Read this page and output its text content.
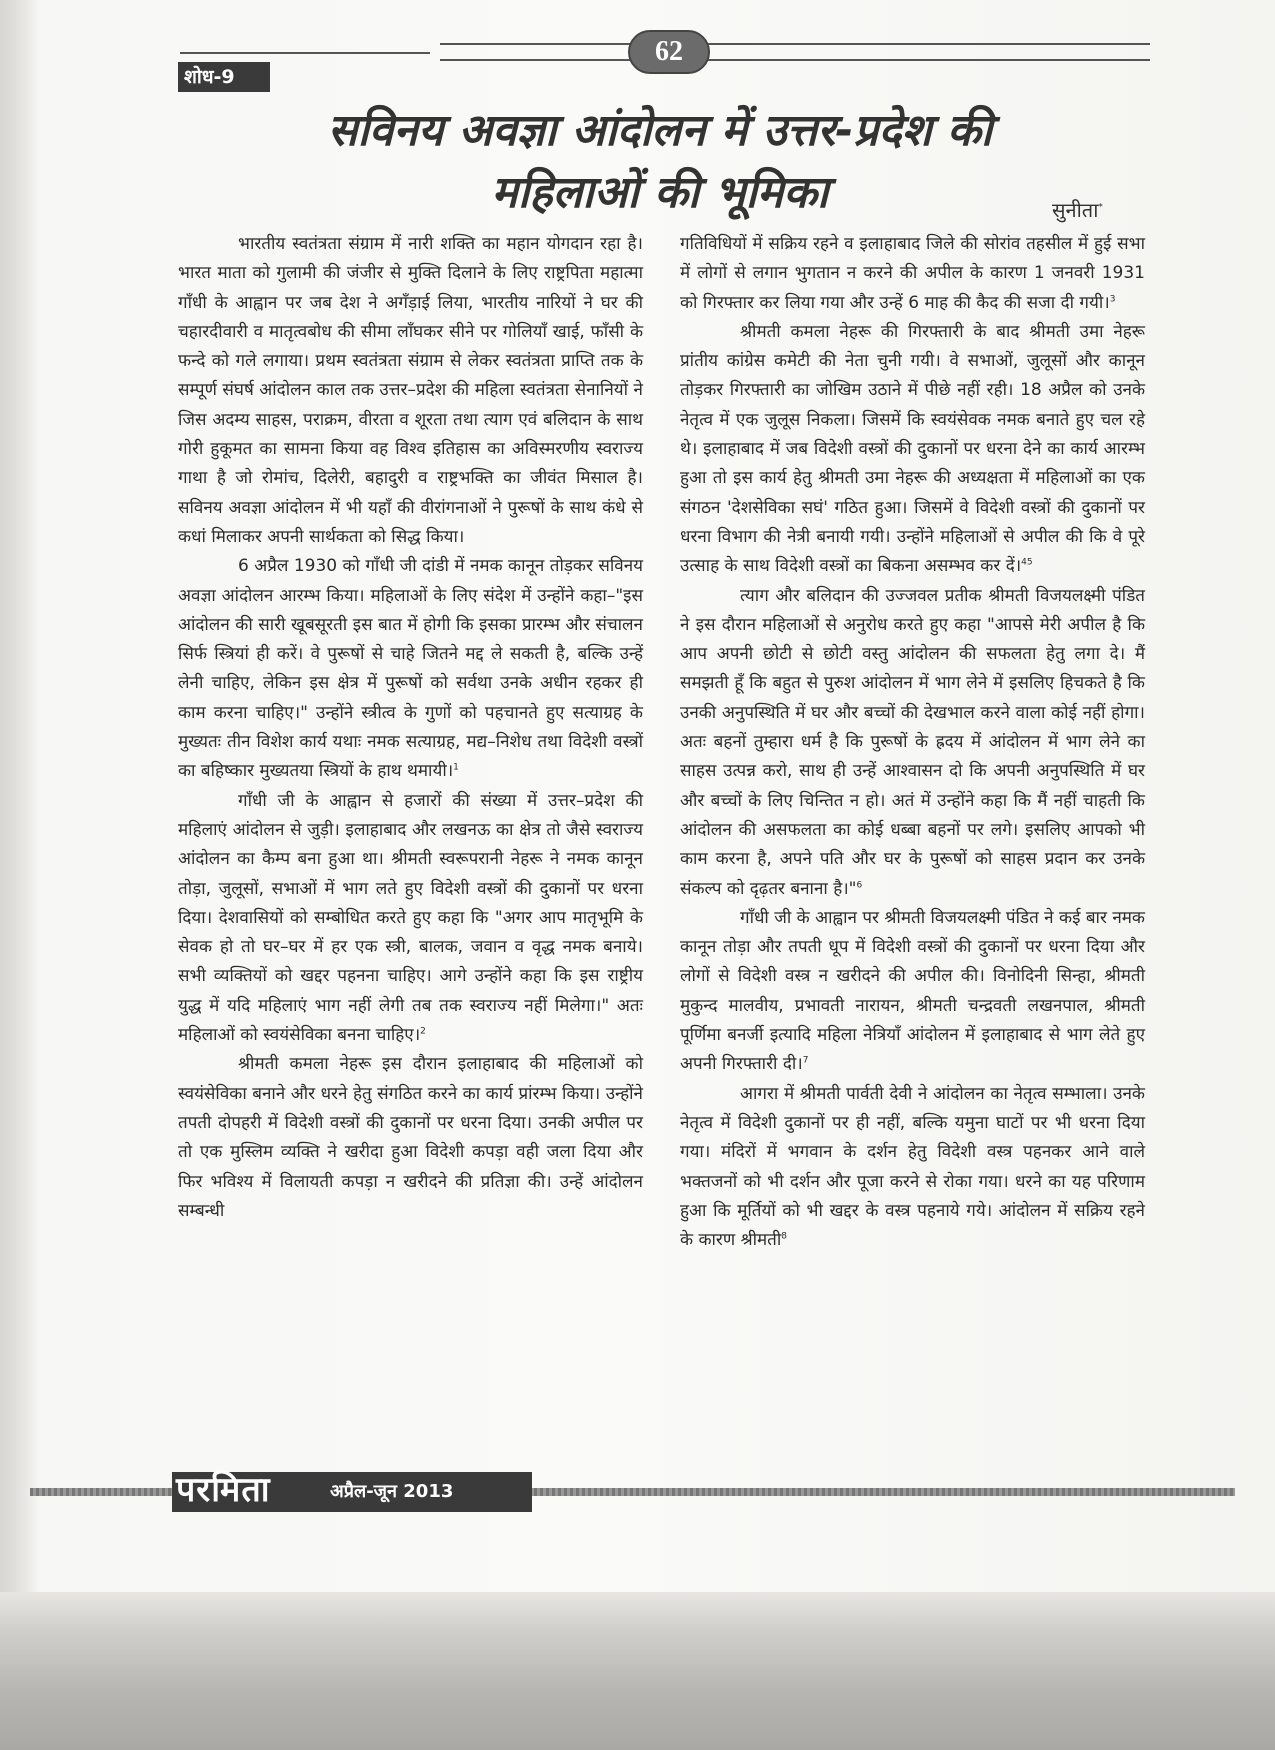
62
शोध-9
सविनय अवज्ञा आंदोलन में उत्तर-प्रदेश की
महिलाओं की भूमिका	सुनीता*

भारतीय स्वतंत्रता संग्राम में नारी शक्ति का महान योगदान रहा है। भारत माता को गुलामी की जंजीर से मुक्ति दिलाने के लिए राष्ट्रपिता महात्मा गाँधी के आह्वान पर जब देश ने अगँड़ाई लिया, भारतीय नारियों ने घर की चहारदीवारी व मातृत्वबोध की सीमा लाँघकर सीने पर गोलियाँ खाई, फाँसी के फन्दे को गले लगाया। प्रथम स्वतंत्रता संग्राम से लेकर स्वतंत्रता प्राप्ति तक के सम्पूर्ण संघर्ष आंदोलन काल तक उत्तर–प्रदेश की महिला स्वतंत्रता सेनानियों ने जिस अदम्य साहस, पराक्रम, वीरता व शूरता तथा त्याग एवं बलिदान के साथ गोरी हुकूमत का सामना किया वह विश्व इतिहास का अविस्मरणीय स्वराज्य गाथा है जो रोमांच, दिलेरी, बहादुरी व राष्ट्रभक्ति का जीवंत मिसाल है। सविनय अवज्ञा आंदोलन में भी यहाँ की वीरांगनाओं ने पुरूषों के साथ कंधे से कधां मिलाकर अपनी सार्थकता को सिद्ध किया।

6 अप्रैल 1930 को गाँधी जी दांडी में नमक कानून तोड़कर सविनय अवज्ञा आंदोलन आरम्भ किया। महिलाओं के लिए संदेश में उन्होंने कहा–"इस आंदोलन की सारी खूबसूरती इस बात में होगी कि इसका प्रारम्भ और संचालन सिर्फ स्त्रियां ही करें। वे पुरूषों से चाहे जितने मद्द ले सकती है, बल्कि उन्हें लेनी चाहिए, लेकिन इस क्षेत्र में पुरूषों को सर्वथा उनके अधीन रहकर ही काम करना चाहिए।" उन्होंने स्त्रीत्व के गुणों को पहचानते हुए सत्याग्रह के मुख्यतः तीन विशेश कार्य यथाः नमक सत्याग्रह, मद्य–निशेध तथा विदेशी वस्त्रों का बहिष्कार मुख्यतया स्त्रियों के हाथ थमायी।$^1$

गाँधी जी के आह्वान से हजारों की संख्या में उत्तर–प्रदेश की महिलाएं आंदोलन से जुड़ी। इलाहाबाद और लखनऊ का क्षेत्र तो जैसे स्वराज्य आंदोलन का कैम्प बना हुआ था। श्रीमती स्वरूपरानी नेहरू ने नमक कानून तोड़ा, जुलूसों, सभाओं में भाग लते हुए विदेशी वस्त्रों की दुकानों पर धरना दिया। देशवासियों को सम्बोधित करते हुए कहा कि "अगर आप मातृभूमि के सेवक हो तो घर–घर में हर एक स्त्री, बालक, जवान व वृद्ध नमक बनाये। सभी व्यक्तियों को खद्दर पहनना चाहिए। आगे उन्होंने कहा कि इस राष्ट्रीय युद्ध में यदि महिलाएं भाग नहीं लेगी तब तक स्वराज्य नहीं मिलेगा।" अतः महिलाओं को स्वयंसेविका बनना चाहिए।$^2$

श्रीमती कमला नेहरू इस दौरान इलाहाबाद की महिलाओं को स्वयंसेविका बनाने और धरने हेतु संगठित करने का कार्य प्रांरम्भ किया। उन्होंने तपती दोपहरी में विदेशी वस्त्रों की दुकानों पर धरना दिया। उनकी अपील पर तो एक मुस्लिम व्यक्ति ने खरीदा हुआ विदेशी कपड़ा वही जला दिया और फिर भविश्य में विलायती कपड़ा न खरीदने की प्रतिज्ञा की। उन्हें आंदोलन सम्बन्धी

गतिविधियों में सक्रिय रहने व इलाहाबाद जिले की सोरांव तहसील में हुई सभा में लोगों से लगान भुगतान न करने की अपील के कारण 1 जनवरी 1931 को गिरफ्तार कर लिया गया और उन्हें 6 माह की कैद की सजा दी गयी।$^3$

श्रीमती कमला नेहरू की गिरफ्तारी के बाद श्रीमती उमा नेहरू प्रांतीय कांग्रेस कमेटी की नेता चुनी गयी। वे सभाओं, जुलूसों और कानून तोड़कर गिरफ्तारी का जोखिम उठाने में पीछे नहीं रही। 18 अप्रैल को उनके नेतृत्व में एक जुलूस निकला। जिसमें कि स्वयंसेवक नमक बनाते हुए चल रहे थे। इलाहाबाद में जब विदेशी वस्त्रों की दुकानों पर धरना देने का कार्य आरम्भ हुआ तो इस कार्य हेतु श्रीमती उमा नेहरू की अध्यक्षता में महिलाओं का एक संगठन 'देशसेविका सघं' गठित हुआ। जिसमें वे विदेशी वस्त्रों की दुकानों पर धरना विभाग की नेत्री बनायी गयी। उन्होंने महिलाओं से अपील की कि वे पूरे उत्साह के साथ विदेशी वस्त्रों का बिकना असम्भव कर दें।$^{45}$

त्याग और बलिदान की उज्जवल प्रतीक श्रीमती विजयलक्ष्मी पंडित ने इस दौरान महिलाओं से अनुरोध करते हुए कहा "आपसे मेरी अपील है कि आप अपनी छोटी से छोटी वस्तु आंदोलन की सफलता हेतु लगा दे। मैं समझती हूँ कि बहुत से पुरुश आंदोलन में भाग लेने में इसलिए हिचकते है कि उनकी अनुपस्थिति में घर और बच्चों की देखभाल करने वाला कोई नहीं होगा। अतः बहनों तुम्हारा धर्म है कि पुरूषों के ह्रदय में आंदोलन में भाग लेने का साहस उत्पन्न करो, साथ ही उन्हें आश्वासन दो कि अपनी अनुपस्थिति में घर और बच्चों के लिए चिन्तित न हो। अतं में उन्होंने कहा कि मैं नहीं चाहती कि आंदोलन की असफलता का कोई धब्बा बहनों पर लगे। इसलिए आपको भी काम करना है, अपने पति और घर के पुरूषों को साहस प्रदान कर उनके संकल्प को दृढ़तर बनाना है।"$^6$

गाँधी जी के आह्वान पर श्रीमती विजयलक्ष्मी पंडित ने कई बार नमक कानून तोड़ा और तपती धूप में विदेशी वस्त्रों की दुकानों पर धरना दिया और लोगों से विदेशी वस्त्र न खरीदने की अपील की। विनोदिनी सिन्हा, श्रीमती मुकुन्द मालवीय, प्रभावती नारायन, श्रीमती चन्द्रवती लखनपाल, श्रीमती पूर्णिमा बनर्जी इत्यादि महिला नेत्रियाँ आंदोलन में इलाहाबाद से भाग लेते हुए अपनी गिरफ्तारी दी।$^7$

आगरा में श्रीमती पार्वती देवी ने आंदोलन का नेतृत्व सम्भाला। उनके नेतृत्व में विदेशी दुकानों पर ही नहीं, बल्कि यमुना घाटों पर भी धरना दिया गया। मंदिरों में भगवान के दर्शन हेतु विदेशी वस्त्र पहनकर आने वाले भक्तजनों को भी दर्शन और पूजा करने से रोका गया। धरने का यह परिणाम हुआ कि मूर्तियों को भी खद्दर के वस्त्र पहनाये गये। आंदोलन में सक्रिय रहने के कारण श्रीमती$^8$

परमिता	अप्रैल-जून 2013
